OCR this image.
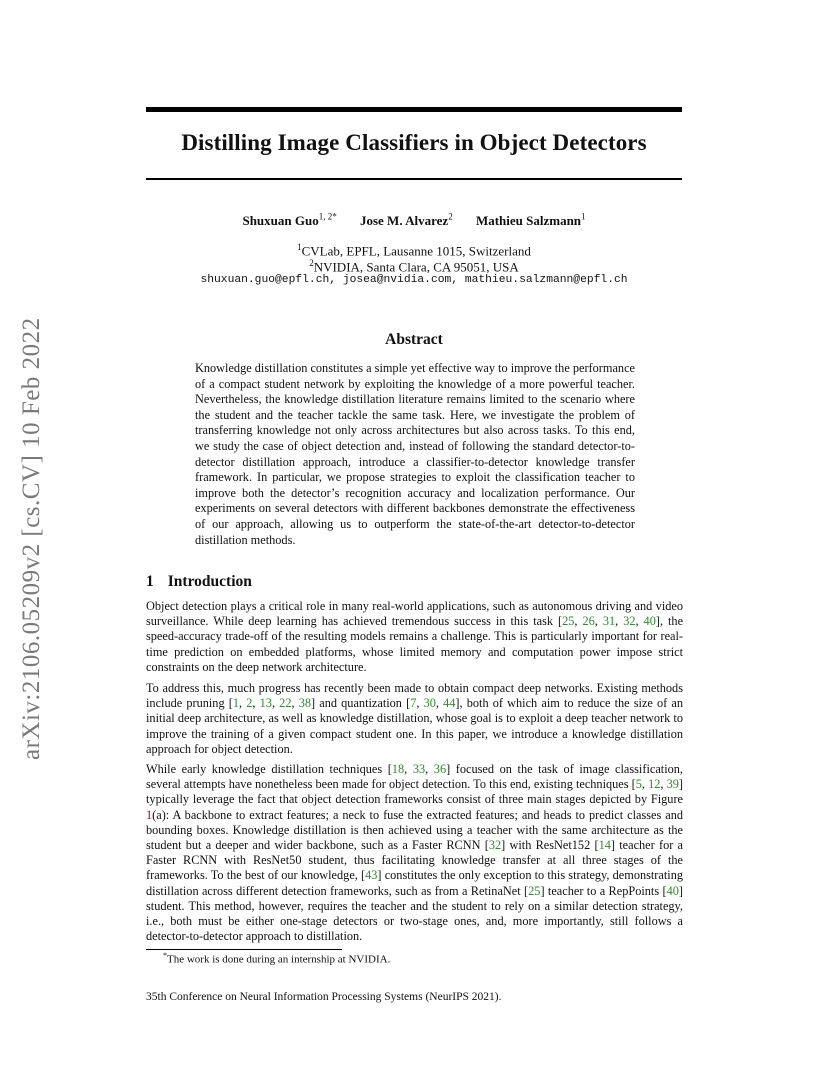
arXiv:2106.05209v2 [cs.CV] 10 Feb 2022
Distilling Image Classifiers in Object Detectors
Shuxuan Guo$^{1, 2*}$ Jose M. Alvarez$^2$ Mathieu Salzmann$^1$
$^1$CVLab, EPFL, Lausanne 1015, Switzerland
$^2$NVIDIA, Santa Clara, CA 95051, USA
shuxuan.guo@epfl.ch, josea@nvidia.com, mathieu.salzmann@epfl.ch
Abstract
Knowledge distillation constitutes a simple yet effective way to improve the performance of a compact student network by exploiting the knowledge of a more powerful teacher. Nevertheless, the knowledge distillation literature remains limited to the scenario where the student and the teacher tackle the same task. Here, we investigate the problem of transferring knowledge not only across architectures but also across tasks. To this end, we study the case of object detection and, instead of following the standard detector-to-detector distillation approach, introduce a classifier-to-detector knowledge transfer framework. In particular, we propose strategies to exploit the classification teacher to improve both the detector’s recognition accuracy and localization performance. Our experiments on several detectors with different backbones demonstrate the effectiveness of our approach, allowing us to outperform the state-of-the-art detector-to-detector distillation methods.
1 Introduction
Object detection plays a critical role in many real-world applications, such as autonomous driving and video surveillance. While deep learning has achieved tremendous success in this task [25, 26, 31, 32, 40], the speed-accuracy trade-off of the resulting models remains a challenge. This is particularly important for real-time prediction on embedded platforms, whose limited memory and computation power impose strict constraints on the deep network architecture.
To address this, much progress has recently been made to obtain compact deep networks. Existing methods include pruning [1, 2, 13, 22, 38] and quantization [7, 30, 44], both of which aim to reduce the size of an initial deep architecture, as well as knowledge distillation, whose goal is to exploit a deep teacher network to improve the training of a given compact student one. In this paper, we introduce a knowledge distillation approach for object detection.
While early knowledge distillation techniques [18, 33, 36] focused on the task of image classification, several attempts have nonetheless been made for object detection. To this end, existing techniques [5, 12, 39] typically leverage the fact that object detection frameworks consist of three main stages depicted by Figure 1(a): A backbone to extract features; a neck to fuse the extracted features; and heads to predict classes and bounding boxes. Knowledge distillation is then achieved using a teacher with the same architecture as the student but a deeper and wider backbone, such as a Faster RCNN [32] with ResNet152 [14] teacher for a Faster RCNN with ResNet50 student, thus facilitating knowledge transfer at all three stages of the frameworks. To the best of our knowledge, [43] constitutes the only exception to this strategy, demonstrating distillation across different detection frameworks, such as from a RetinaNet [25] teacher to a RepPoints [40] student. This method, however, requires the teacher and the student to rely on a similar detection strategy, i.e., both must be either one-stage detectors or two-stage ones, and, more importantly, still follows a detector-to-detector approach to distillation.
*The work is done during an internship at NVIDIA.
35th Conference on Neural Information Processing Systems (NeurIPS 2021).
